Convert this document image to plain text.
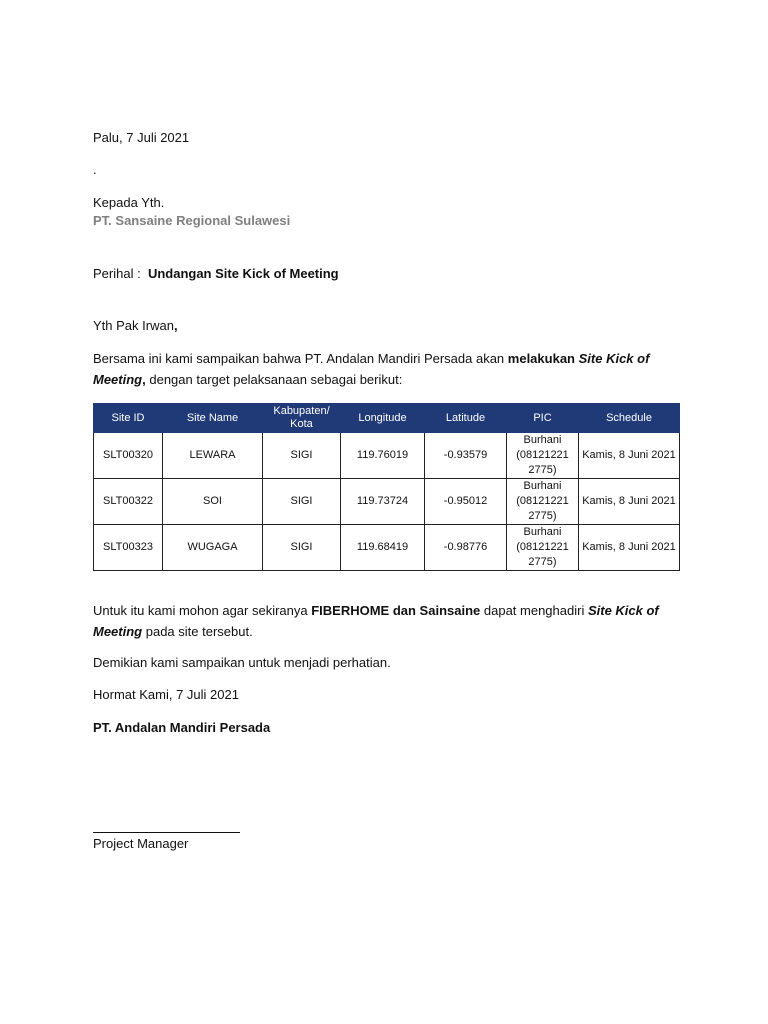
Palu, 7 Juli 2021
.
Kepada Yth.
PT. Sansaine Regional Sulawesi
Perihal : Undangan Site Kick of Meeting
Yth Pak Irwan,
Bersama ini kami sampaikan bahwa PT. Andalan Mandiri Persada akan melakukan Site Kick of Meeting, dengan target pelaksanaan sebagai berikut:
Site ID	Site Name	Kabupaten/ Kota	Longitude	Latitude	PIC	Schedule
SLT00320	LEWARA	SIGI	119.76019	-0.93579	Burhani (08121221 2775)	Kamis, 8 Juni 2021
SLT00322	SOI	SIGI	119.73724	-0.95012	Burhani (08121221 2775)	Kamis, 8 Juni 2021
SLT00323	WUGAGA	SIGI	119.68419	-0.98776	Burhani (08121221 2775)	Kamis, 8 Juni 2021
Untuk itu kami mohon agar sekiranya FIBERHOME dan Sainsaine dapat menghadiri Site Kick of Meeting pada site tersebut.
Demikian kami sampaikan untuk menjadi perhatian.
Hormat Kami, 7 Juli 2021
PT. Andalan Mandiri Persada
Project Manager
